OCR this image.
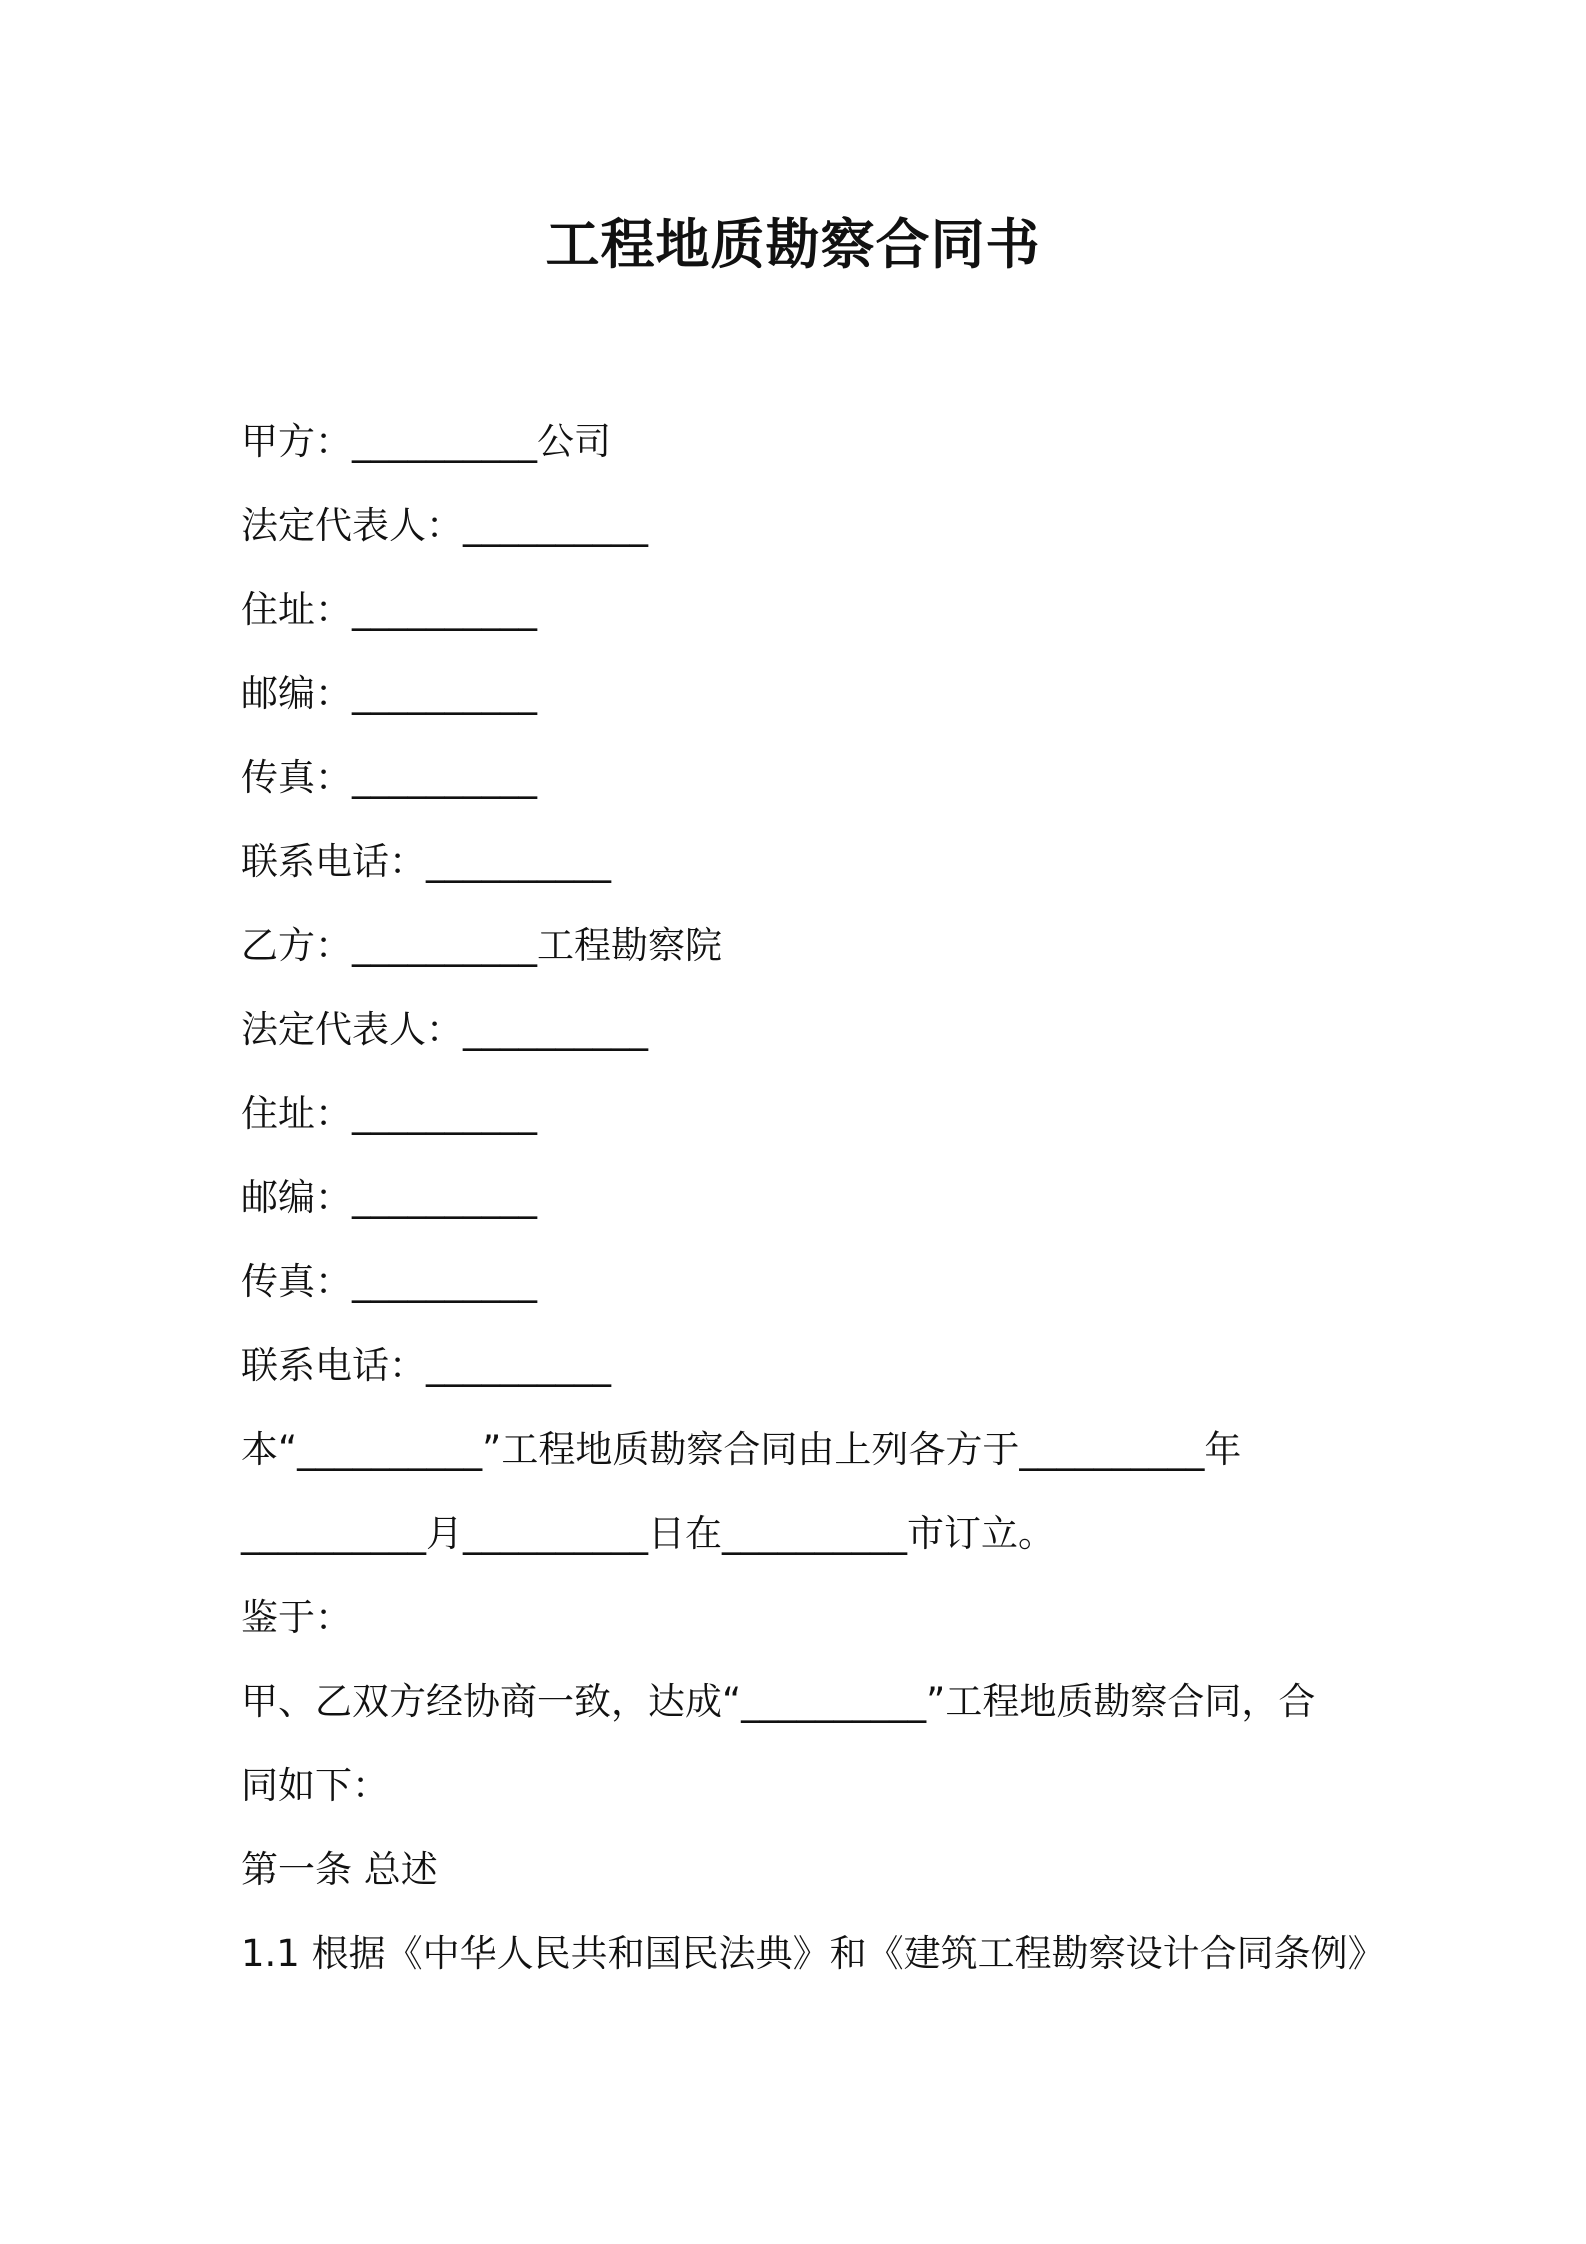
工程地质勘察合同书
甲方：__________公司
法定代表人：__________
住址：__________
邮编：__________
传真：__________
联系电话：__________
乙方：__________工程勘察院
法定代表人：__________
住址：__________
邮编：__________
传真：__________
联系电话：__________
本“__________”工程地质勘察合同由上列各方于__________年
__________月__________日在__________市订立。
鉴于：
甲、乙双方经协商一致，达成“__________”工程地质勘察合同，合
同如下：
第一条 总述
1.1 根据《中华人民共和国民法典》和《建筑工程勘察设计合同条例》
